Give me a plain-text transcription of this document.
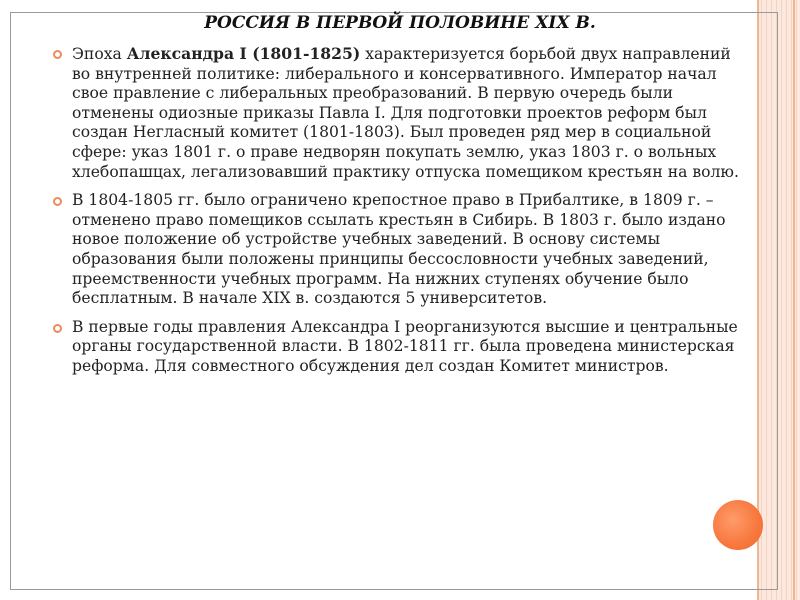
РОССИЯ В ПЕРВОЙ ПОЛОВИНЕ XIX В.
Эпоха Александра I (1801-1825) характеризуется борьбой двух направлений во внутренней политике: либерального и консервативного. Император начал свое правление с либеральных преобразований. В первую очередь были отменены одиозные приказы Павла I. Для подготовки проектов реформ был создан Негласный комитет (1801-1803). Был проведен ряд мер в социальной сфере: указ 1801 г. о праве недворян покупать землю, указ 1803 г. о вольных хлебопашцах, легализовавший практику отпуска помещиком крестьян на волю.
В 1804-1805 гг. было ограничено крепостное право в Прибалтике, в 1809 г. – отменено право помещиков ссылать крестьян в Сибирь. В 1803 г. было издано новое положение об устройстве учебных заведений. В основу системы образования были положены принципы бессословности учебных заведений, преемственности учебных программ. На нижних ступенях обучение было бесплатным. В начале XIX в. создаются 5 университетов.
В первые годы правления Александра I реорганизуются высшие и центральные органы государственной власти. В 1802-1811 гг. была проведена министерская реформа. Для совместного обсуждения дел создан Комитет министров.
